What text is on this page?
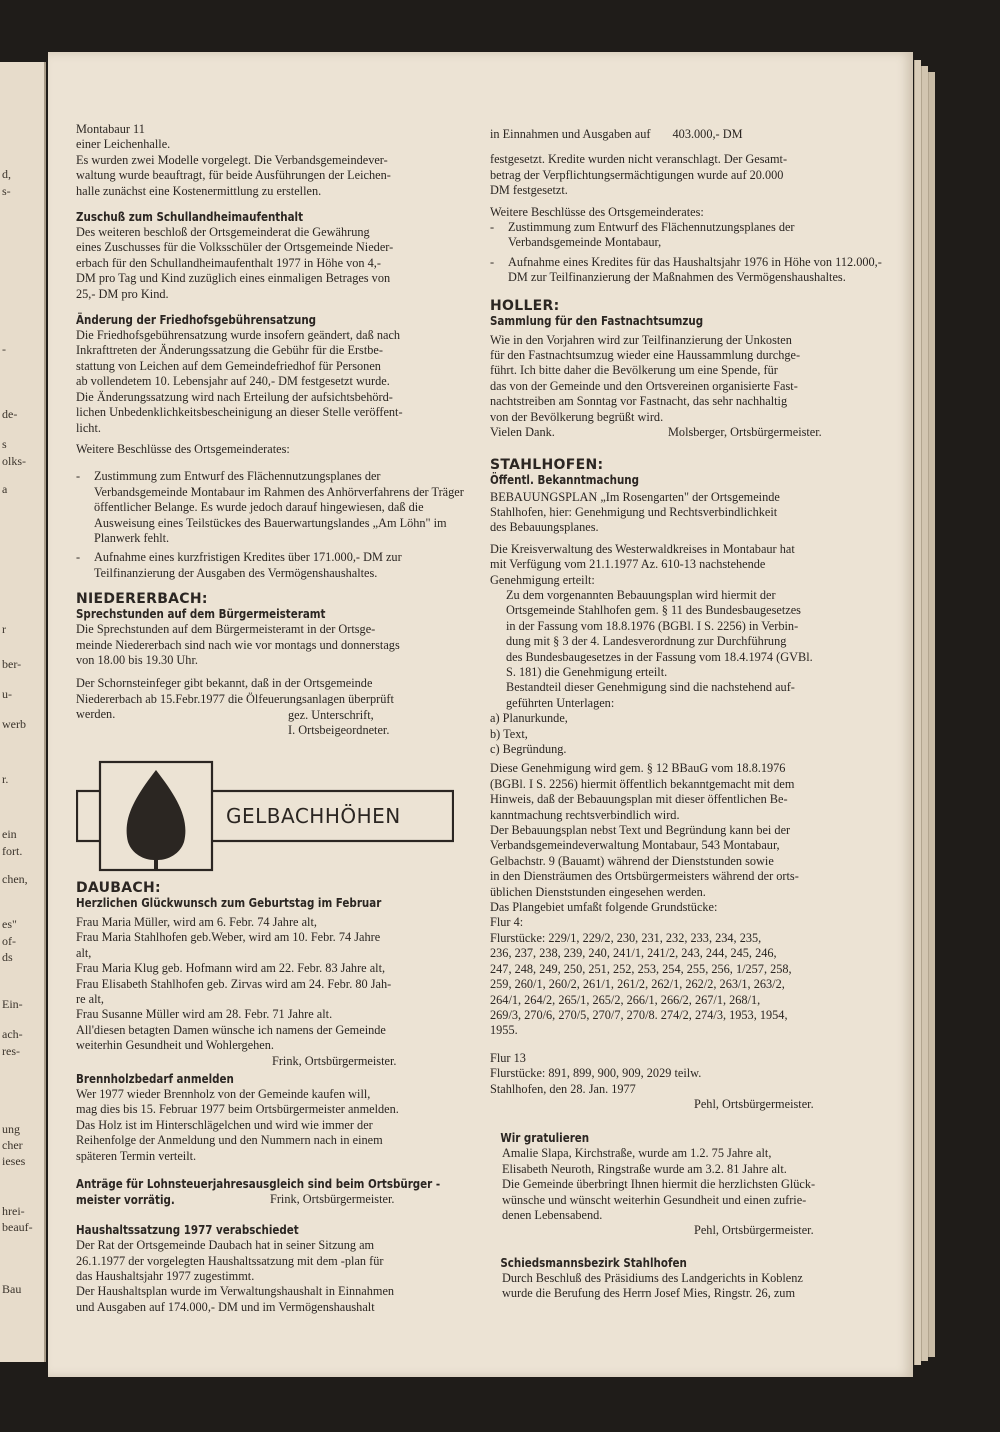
d,
s-
-
de-
s
olks-
a
r
ber-
u-
werb
r.
ein
fort.
chen,
es"
of-
ds
Ein-
ach-
res-
ung
cher
ieses
hrei-
beauf-
Bau
Montabaur 11
einer Leichenhalle.
Es wurden zwei Modelle vorgelegt. Die Verbandsgemeindever-
waltung wurde beauftragt, für beide Ausführungen der Leichen-
halle zunächst eine Kostenermittlung zu erstellen.
Zuschuß zum Schullandheimaufenthalt
Des weiteren beschloß der Ortsgemeinderat die Gewährung
eines Zuschusses für die Volksschüler der Ortsgemeinde Nieder-
erbach für den Schullandheimaufenthalt 1977 in Höhe von 4,-
DM pro Tag und Kind zuzüglich eines einmaligen Betrages von
25,- DM pro Kind.
Änderung der Friedhofsgebührensatzung
Die Friedhofsgebührensatzung wurde insofern geändert, daß nach
Inkrafttreten der Änderungssatzung die Gebühr für die Erstbe-
stattung von Leichen auf dem Gemeindefriedhof für Personen
ab vollendetem 10. Lebensjahr auf 240,- DM festgesetzt wurde.
Die Änderungssatzung wird nach Erteilung der aufsichtsbehörd-
lichen Unbedenklichkeitsbescheinigung an dieser Stelle veröffent-
licht.
Weitere Beschlüsse des Ortsgemeinderates:
- Zustimmung zum Entwurf des Flächennutzungsplanes der Verbandsgemeinde Montabaur im Rahmen des Anhörverfahrens der Träger öffentlicher Belange. Es wurde jedoch darauf hingewiesen, daß die Ausweisung eines Teilstückes des Bauerwartungslandes „Am Löhn" im Planwerk fehlt.
- Aufnahme eines kurzfristigen Kredites über 171.000,- DM zur Teilfinanzierung der Ausgaben des Vermögenshaushaltes.
NIEDERERBACH:
Sprechstunden auf dem Bürgermeisteramt
Die Sprechstunden auf dem Bürgermeisteramt in der Ortsge-
meinde Niedererbach sind nach wie vor montags und donnerstags
von 18.00 bis 19.30 Uhr.
Der Schornsteinfeger gibt bekannt, daß in der Ortsgemeinde
Niedererbach ab 15.Febr.1977 die Ölfeuerungsanlagen überprüft
werden.	gez. Unterschrift,
I. Ortsbeigeordneter.
GELBACHHÖHEN
DAUBACH:
Herzlichen Glückwunsch zum Geburtstag im Februar
Frau Maria Müller, wird am 6. Febr. 74 Jahre alt,
Frau Maria Stahlhofen geb.Weber, wird am 10. Febr. 74 Jahre
alt,
Frau Maria Klug geb. Hofmann wird am 22. Febr. 83 Jahre alt,
Frau Elisabeth Stahlhofen geb. Zirvas wird am 24. Febr. 80 Jah-
re alt,
Frau Susanne Müller wird am 28. Febr. 71 Jahre alt.
All'diesen betagten Damen wünsche ich namens der Gemeinde
weiterhin Gesundheit und Wohlergehen.
Frink, Ortsbürgermeister.
Brennholzbedarf anmelden
Wer 1977 wieder Brennholz von der Gemeinde kaufen will,
mag dies bis 15. Februar 1977 beim Ortsbürgermeister anmelden.
Das Holz ist im Hinterschlägelchen und wird wie immer der
Reihenfolge der Anmeldung und den Nummern nach in einem
späteren Termin verteilt.
Anträge für Lohnsteuerjahresausgleich sind beim Ortsbürger -
meister vorrätig.	Frink, Ortsbürgermeister.
Haushaltssatzung 1977 verabschiedet
Der Rat der Ortsgemeinde Daubach hat in seiner Sitzung am
26.1.1977 der vorgelegten Haushaltssatzung mit dem -plan für
das Haushaltsjahr 1977 zugestimmt.
Der Haushaltsplan wurde im Verwaltungshaushalt in Einnahmen
und Ausgaben auf 174.000,- DM und im Vermögenshaushalt
in Einnahmen und Ausgaben auf 403.000,- DM
festgesetzt. Kredite wurden nicht veranschlagt. Der Gesamt-
betrag der Verpflichtungsermächtigungen wurde auf 20.000
DM festgesetzt.
Weitere Beschlüsse des Ortsgemeinderates:
- Zustimmung zum Entwurf des Flächennutzungsplanes der Verbandsgemeinde Montabaur,
- Aufnahme eines Kredites für das Haushaltsjahr 1976 in Höhe von 112.000,- DM zur Teilfinanzierung der Maßnahmen des Vermögenshaushaltes.
HOLLER:
Sammlung für den Fastnachtsumzug
Wie in den Vorjahren wird zur Teilfinanzierung der Unkosten
für den Fastnachtsumzug wieder eine Haussammlung durchge-
führt. Ich bitte daher die Bevölkerung um eine Spende, für
das von der Gemeinde und den Ortsvereinen organisierte Fast-
nachtstreiben am Sonntag vor Fastnacht, das sehr nachhaltig
von der Bevölkerung begrüßt wird.
Vielen Dank.	Molsberger, Ortsbürgermeister.
STAHLHOFEN:
Öffentl. Bekanntmachung
BEBAUUNGSPLAN „Im Rosengarten" der Ortsgemeinde
Stahlhofen, hier: Genehmigung und Rechtsverbindlichkeit
des Bebauungsplanes.
Die Kreisverwaltung des Westerwaldkreises in Montabaur hat
mit Verfügung vom 21.1.1977 Az. 610-13 nachstehende
Genehmigung erteilt:
Zu dem vorgenannten Bebauungsplan wird hiermit der
Ortsgemeinde Stahlhofen gem. § 11 des Bundesbaugesetzes
in der Fassung vom 18.8.1976 (BGBl. I S. 2256) in Verbin-
dung mit § 3 der 4. Landesverordnung zur Durchführung
des Bundesbaugesetzes in der Fassung vom 18.4.1974 (GVBl.
S. 181) die Genehmigung erteilt.
Bestandteil dieser Genehmigung sind die nachstehend auf-
geführten Unterlagen:
a) Planurkunde,
b) Text,
c) Begründung.
Diese Genehmigung wird gem. § 12 BBauG vom 18.8.1976
(BGBl. I S. 2256) hiermit öffentlich bekanntgemacht mit dem
Hinweis, daß der Bebauungsplan mit dieser öffentlichen Be-
kanntmachung rechtsverbindlich wird.
Der Bebauungsplan nebst Text und Begründung kann bei der
Verbandsgemeindeverwaltung Montabaur, 543 Montabaur,
Gelbachstr. 9 (Bauamt) während der Dienststunden sowie
in den Diensträumen des Ortsbürgermeisters während der orts-
üblichen Dienststunden eingesehen werden.
Das Plangebiet umfaßt folgende Grundstücke:
Flur 4:
Flurstücke: 229/1, 229/2, 230, 231, 232, 233, 234, 235,
236, 237, 238, 239, 240, 241/1, 241/2, 243, 244, 245, 246,
247, 248, 249, 250, 251, 252, 253, 254, 255, 256, 1/257, 258,
259, 260/1, 260/2, 261/1, 261/2, 262/1, 262/2, 263/1, 263/2,
264/1, 264/2, 265/1, 265/2, 266/1, 266/2, 267/1, 268/1,
269/3, 270/6, 270/5, 270/7, 270/8. 274/2, 274/3, 1953, 1954,
1955.
Flur 13
Flurstücke: 891, 899, 900, 909, 2029 teilw.
Stahlhofen, den 28. Jan. 1977
Pehl, Ortsbürgermeister.
Wir gratulieren
Amalie Slapa, Kirchstraße, wurde am 1.2. 75 Jahre alt,
Elisabeth Neuroth, Ringstraße wurde am 3.2. 81 Jahre alt.
Die Gemeinde überbringt Ihnen hiermit die herzlichsten Glück-
wünsche und wünscht weiterhin Gesundheit und einen zufrie-
denen Lebensabend.
Pehl, Ortsbürgermeister.
Schiedsmannsbezirk Stahlhofen
Durch Beschluß des Präsidiums des Landgerichts in Koblenz
wurde die Berufung des Herrn Josef Mies, Ringstr. 26, zum
